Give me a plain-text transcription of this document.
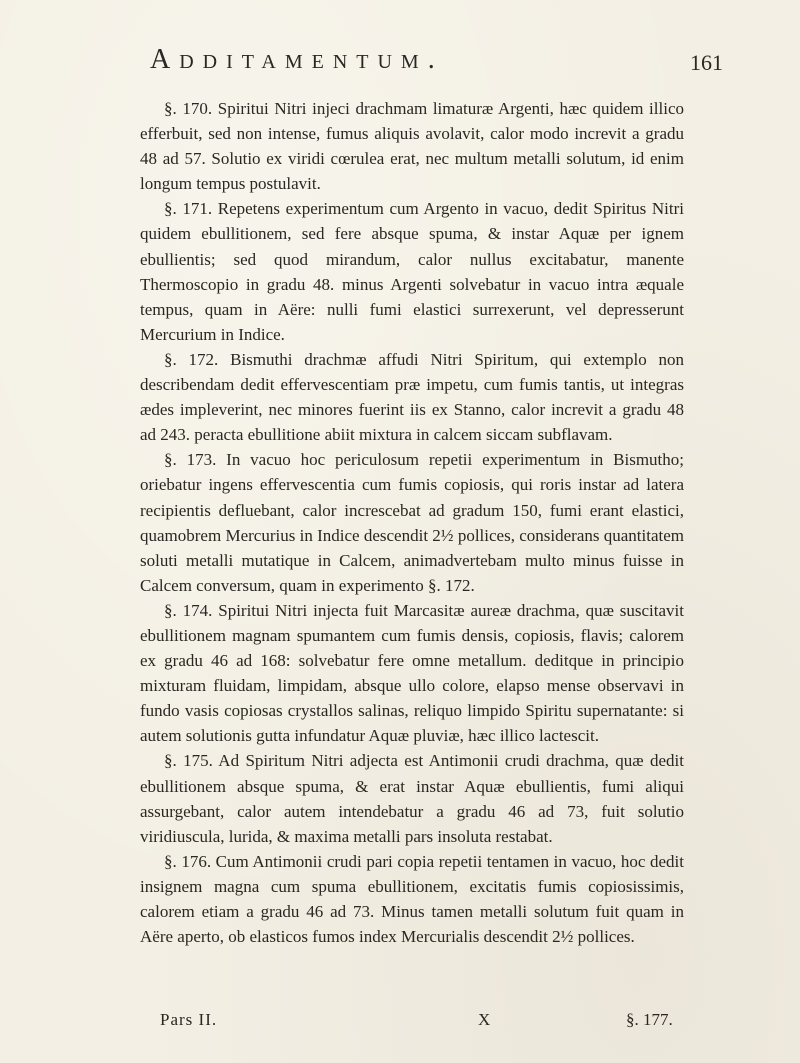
Additamentum.	161

§. 170. Spiritui Nitri injeci drachmam limaturæ Argenti, hæc quidem illico efferbuit, sed non intense, fumus aliquis avolavit, calor modo increvit a gradu 48 ad 57. Solutio ex viridi cœrulea erat, nec multum metalli solutum, id enim longum tempus postulavit.

§. 171. Repetens experimentum cum Argento in vacuo, dedit Spiritus Nitri quidem ebullitionem, sed fere absque spuma, & instar Aquæ per ignem ebullientis; sed quod mirandum, calor nullus excitabatur, manente Thermoscopio in gradu 48. minus Argenti solvebatur in vacuo intra æquale tempus, quam in Aëre: nulli fumi elastici surrexerunt, vel depresserunt Mercurium in Indice.

§. 172. Bismuthi drachmæ affudi Nitri Spiritum, qui extemplo non describendam dedit effervescentiam præ impetu, cum fumis tantis, ut integras ædes impleverint, nec minores fuerint iis ex Stanno, calor increvit a gradu 48 ad 243. peracta ebullitione abiit mixtura in calcem siccam subflavam.

§. 173. In vacuo hoc periculosum repetii experimentum in Bismutho; oriebatur ingens effervescentia cum fumis copiosis, qui roris instar ad latera recipientis defluebant, calor increscebat ad gradum 150, fumi erant elastici, quamobrem Mercurius in Indice descendit 2½ pollices, considerans quantitatem soluti metalli mutatique in Calcem, animadvertebam multo minus fuisse in Calcem conversum, quam in experimento §. 172.

§. 174. Spiritui Nitri injecta fuit Marcasitæ aureæ drachma, quæ suscitavit ebullitionem magnam spumantem cum fumis densis, copiosis, flavis; calorem ex gradu 46 ad 168: solvebatur fere omne metallum. deditque in principio mixturam fluidam, limpidam, absque ullo colore, elapso mense observavi in fundo vasis copiosas crystallos salinas, reliquo limpido Spiritu supernatante: si autem solutionis gutta infundatur Aquæ pluviæ, hæc illico lactescit.

§. 175. Ad Spiritum Nitri adjecta est Antimonii crudi drachma, quæ dedit ebullitionem absque spuma, & erat instar Aquæ ebullientis, fumi aliqui assurgebant, calor autem intendebatur a gradu 46 ad 73, fuit solutio viridiuscula, lurida, & maxima metalli pars insoluta restabat.

§. 176. Cum Antimonii crudi pari copia repetii tentamen in vacuo, hoc dedit insignem magna cum spuma ebullitionem, excitatis fumis copiosissimis, calorem etiam a gradu 46 ad 73. Minus tamen metalli solutum fuit quam in Aëre aperto, ob elasticos fumos index Mercurialis descendit 2½ pollices.

Pars II.	X	§. 177.
